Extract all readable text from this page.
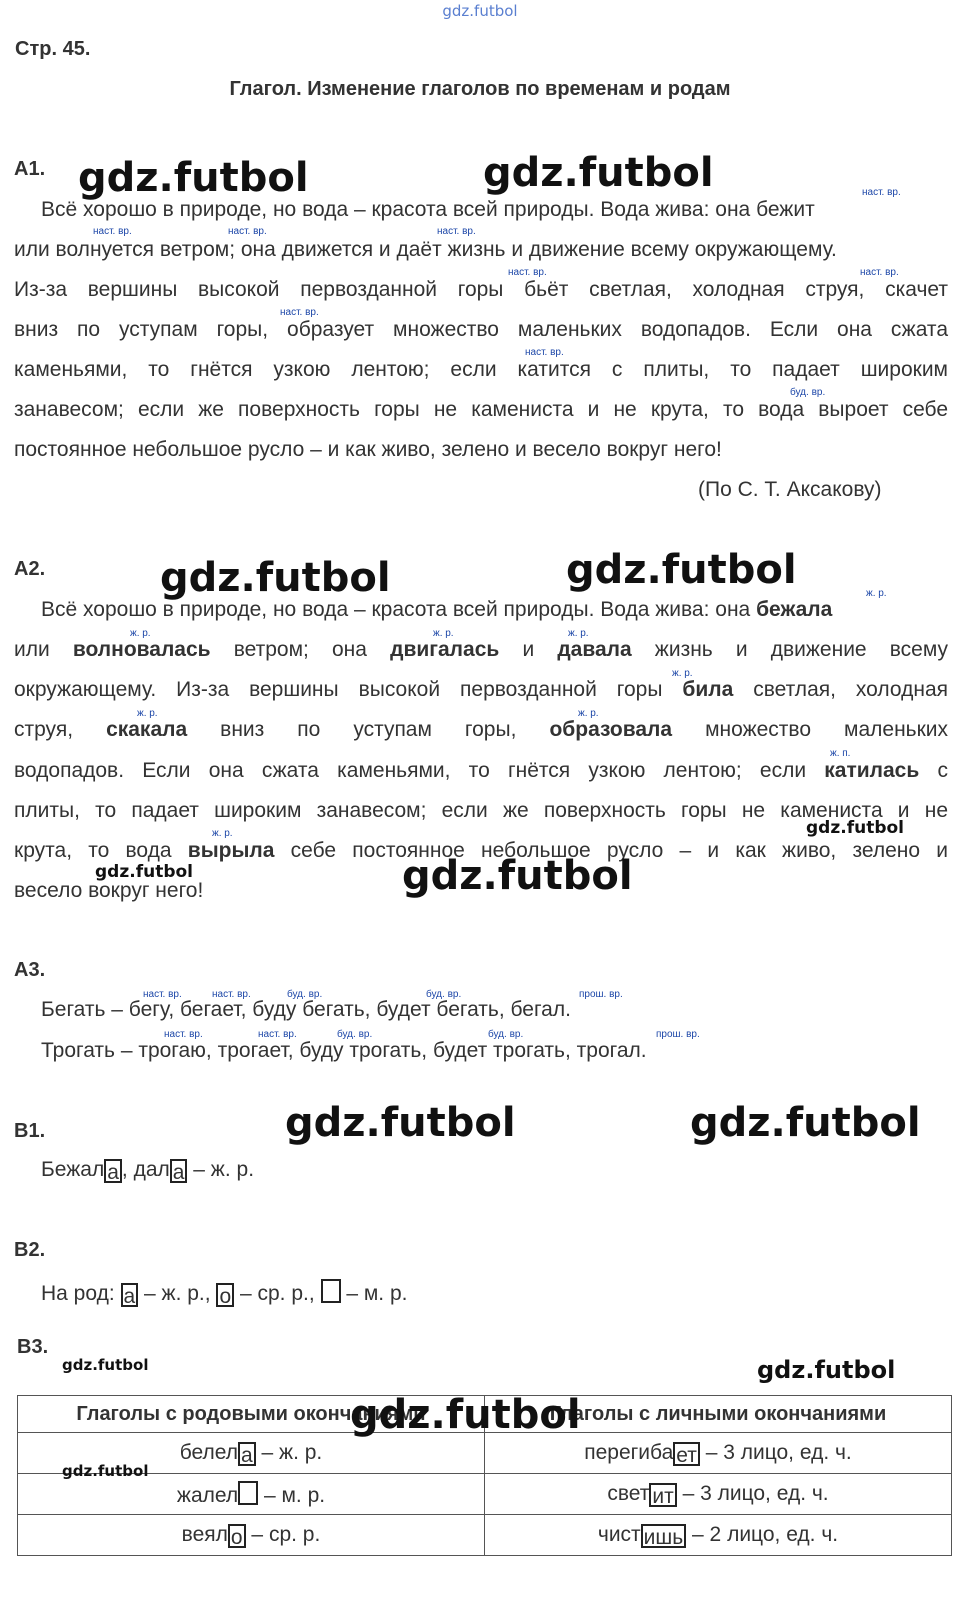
gdz.futbol
Стр. 45.
Глагол. Изменение глаголов по временам и родам
А1. gdz.futbol	gdz.futbol	наст. вр.
Всё хорошо в природе, но вода – красота всей природы. Вода жива: она бежит
наст. вр.	наст. вр.	наст. вр.
или волнуется ветром; она движется и даёт жизнь и движение всему окружающему.
наст. вр.	наст. вр.
Из-за вершины высокой первозданной горы бьёт светлая, холодная струя, скачет
наст. вр.
вниз по уступам горы, образует множество маленьких водопадов. Если она сжата
наст. вр.
каменьями, то гнётся узкою лентою; если катится с плиты, то падает широким
буд. вр.
занавесом; если же поверхность горы не камениста и не крута, то вода выроет себе
постоянное небольшое русло – и как живо, зелено и весело вокруг него!
(По С. Т. Аксакову)
А2.	gdz.futbol	gdz.futbol
ж. р.
Всё хорошо в природе, но вода – красота всей природы. Вода жива: она бежала
ж. р.	ж. р.	ж. р.
или волновалась ветром; она двигалась и давала жизнь и движение всему
ж. р.
окружающему. Из-за вершины высокой первозданной горы била светлая, холодная
ж. р.	ж. р.
струя, скакала вниз по уступам горы, образовала множество маленьких
ж. п.
водопадов. Если она сжата каменьями, то гнётся узкою лентою; если катилась с
плиты, то падает широким занавесом; если же поверхность горы не камениста и не
gdz.futbol
ж. р.
крута, то вода вырыла себе постоянное небольшое русло – и как живо, зелено и
gdz.futbol
весело вокруг него!	gdz.futbol
А3.
наст. вр.	наст. вр.	буд. вр.	буд. вр.	прош. вр.
Бегать – бегу, бегает, буду бегать, будет бегать, бегал.
наст. вр.	наст. вр.	буд. вр.	буд. вр.	прош. вр.
Трогать – трогаю, трогает, буду трогать, будет трогать, трогал.
В1.	gdz.futbol	gdz.futbol
Бежал а , дал а – ж. р.
В2.
На род: а – ж. р., о – ср. р.,  – м. р.
В3.
gdz.futbol	gdz.futbol
Глаголы с родовыми окончаниями	Глаголы с личными окончаниями
белел а – ж. р.	перегиба ет – 3 лицо, ед. ч.
жалел – м. р.	свет ит – 3 лицо, ед. ч.
веял о – ср. р.	чист ишь – 2 лицо, ед. ч.
gdz.futbol
gdz.futbol
